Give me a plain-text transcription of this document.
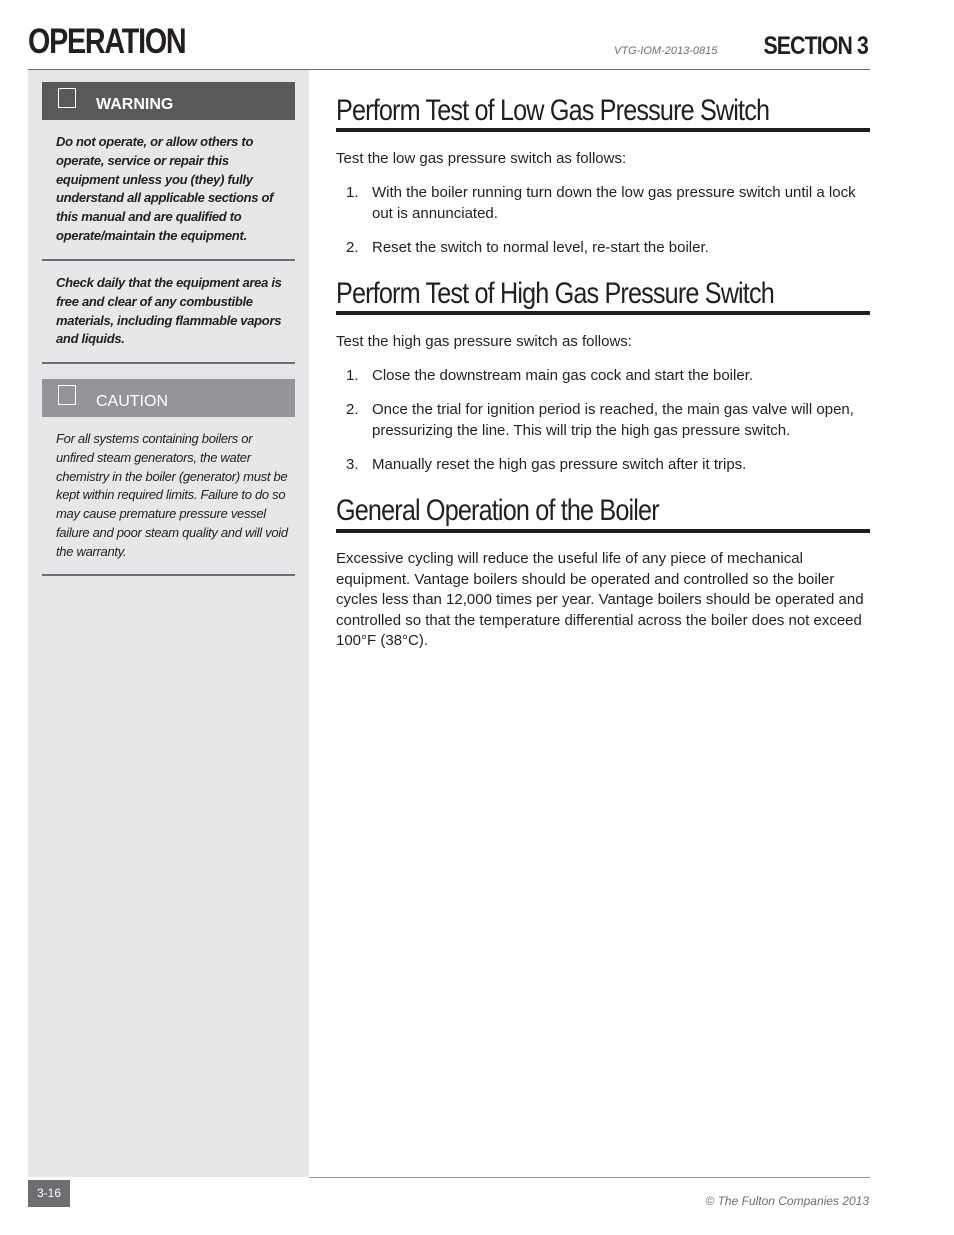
OPERATION	VTG-IOM-2013-0815 SECTION 3
WARNING
Do not operate, or allow others to operate, service or repair this equipment unless you (they) fully understand all applicable sections of this manual and are qualified to operate/maintain the equipment.
Check daily that the equipment area is free and clear of any combustible materials, including flammable vapors and liquids.
CAUTION
For all systems containing boilers or unfired steam generators, the water chemistry in the boiler (generator) must be kept within required limits. Failure to do so may cause premature pressure vessel failure and poor steam quality and will void the warranty.
Perform Test of Low Gas Pressure Switch
Test the low gas pressure switch as follows:
1. With the boiler running turn down the low gas pressure switch until a lock out is annunciated.
2. Reset the switch to normal level, re-start the boiler.
Perform Test of High Gas Pressure Switch
Test the high gas pressure switch as follows:
1. Close the downstream main gas cock and start the boiler.
2. Once the trial for ignition period is reached, the main gas valve will open, pressurizing the line. This will trip the high gas pressure switch.
3. Manually reset the high gas pressure switch after it trips.
General Operation of the Boiler
Excessive cycling will reduce the useful life of any piece of mechanical equipment. Vantage boilers should be operated and controlled so the boiler cycles less than 12,000 times per year. Vantage boilers should be operated and controlled so that the temperature differential across the boiler does not exceed 100°F (38°C).
3-16
© The Fulton Companies 2013
